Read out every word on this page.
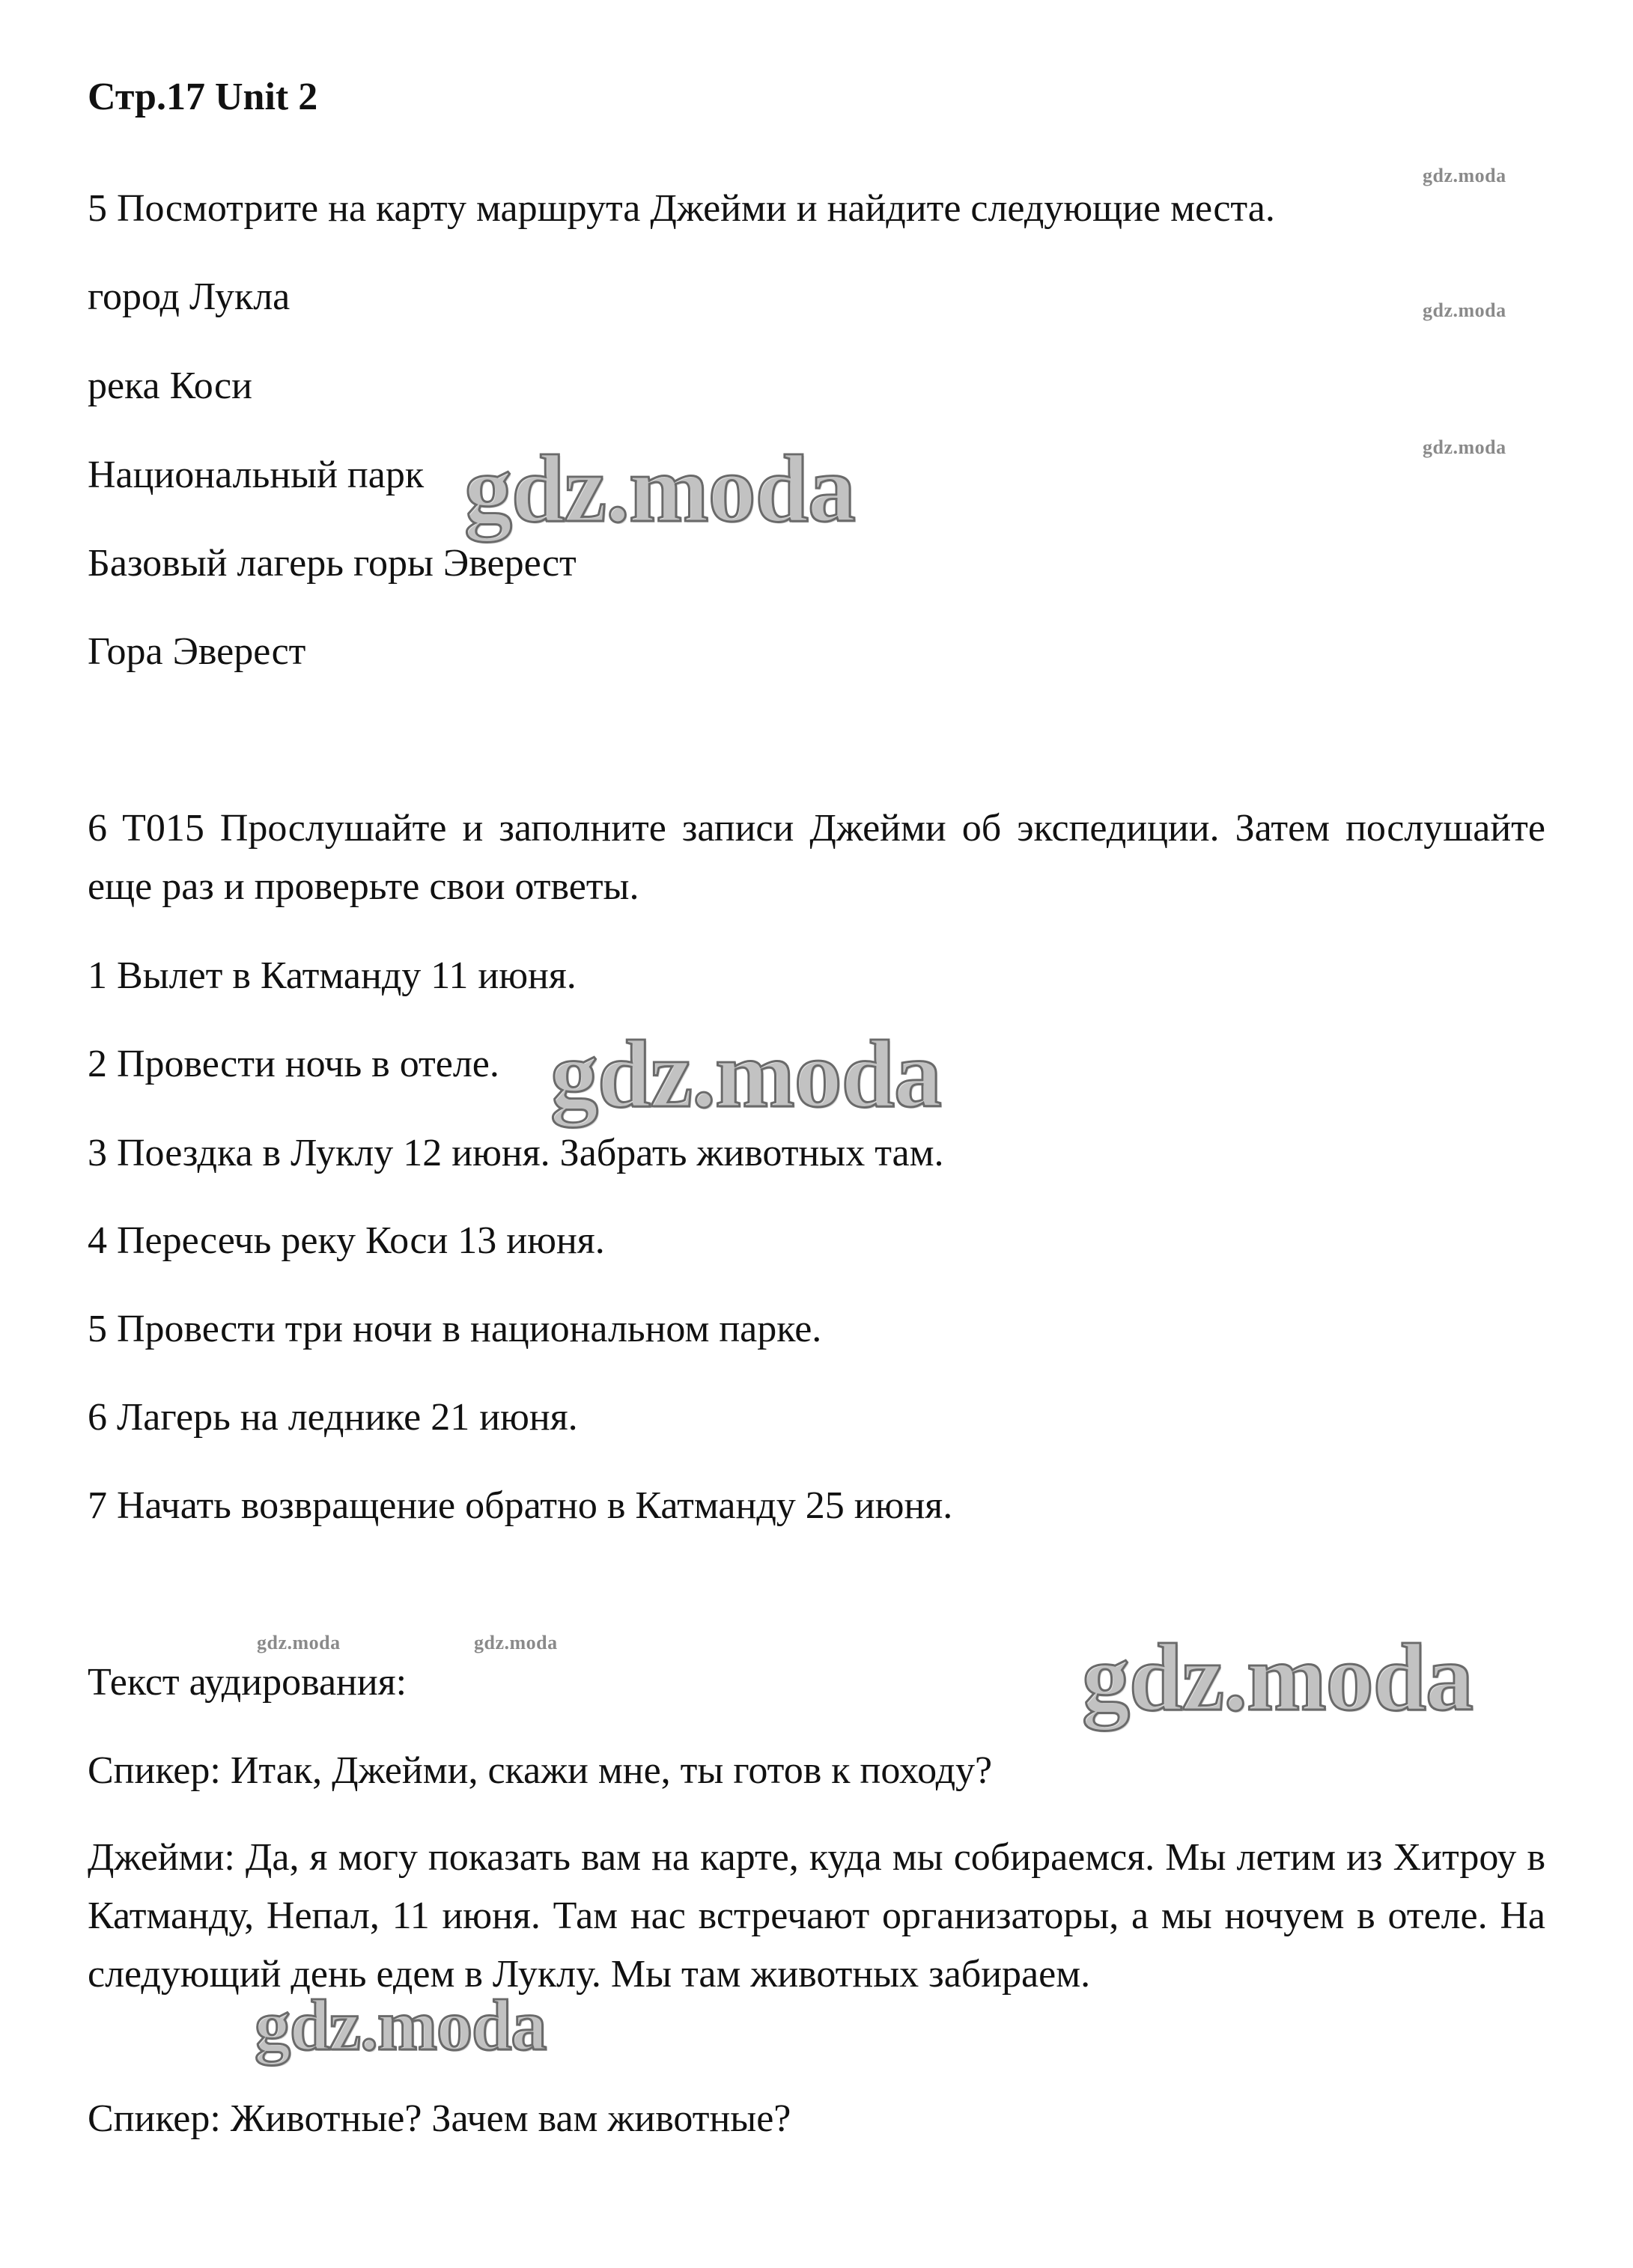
Стр.17 Unit 2
5 Посмотрите на карту маршрута Джейми и найдите следующие места.
город Лукла
река Коси
Национальный парк
Базовый лагерь горы Эверест
Гора Эверест
6 T015 Прослушайте и заполните записи Джейми об экспедиции. Затем послушайте еще раз и проверьте свои ответы.
1 Вылет в Катманду 11 июня.
2 Провести ночь в отеле.
3 Поездка в Луклу 12 июня. Забрать животных там.
4 Пересечь реку Коси 13 июня.
5 Провести три ночи в национальном парке.
6 Лагерь на леднике 21 июня.
7 Начать возвращение обратно в Катманду 25 июня.
Текст аудирования:
Спикер: Итак, Джейми, скажи мне, ты готов к походу?
Джейми: Да, я могу показать вам на карте, куда мы собираемся. Мы летим из Хитроу в Катманду, Непал, 11 июня. Там нас встречают организаторы, а мы ночуем в отеле. На следующий день едем в Луклу. Мы там животных забираем.
Спикер: Животные? Зачем вам животные?
gdz.moda
gdz.moda
gdz.moda
gdz.moda	gdz.moda
gdz.moda
gdz.moda
gdz.moda
gdz.moda
